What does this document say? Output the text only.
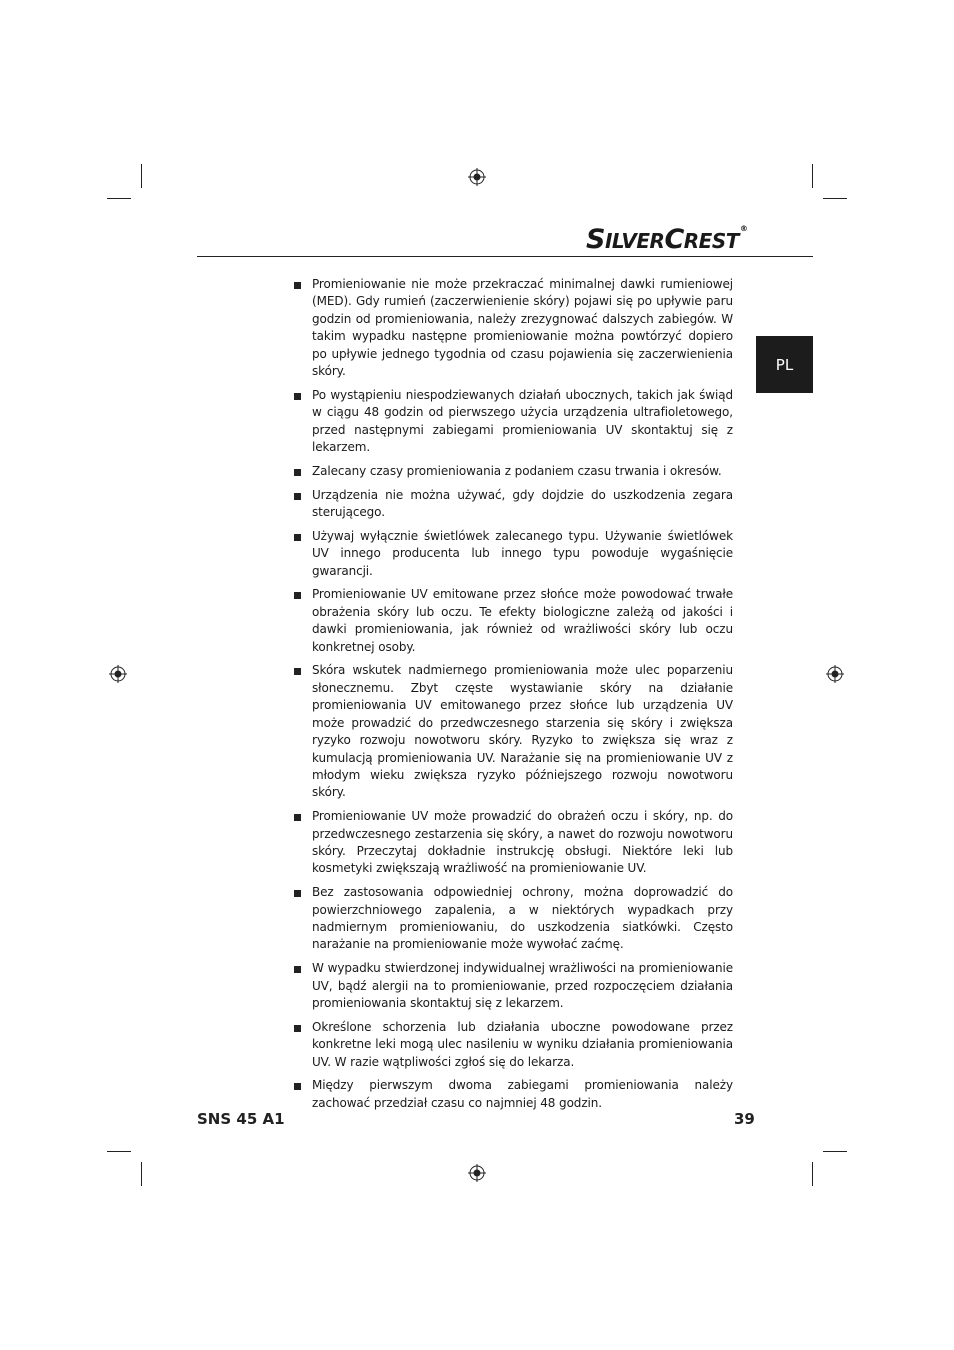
SILVERCREST®
PL

Promieniowanie nie może przekraczać minimalnej dawki rumieniowej (MED). Gdy rumień (zaczerwienienie skóry) pojawi się po upływie paru godzin od promieniowania, należy zrezygnować dalszych zabiegów. W takim wypadku następne promieniowanie można powtórzyć dopiero po upływie jednego tygodnia od czasu pojawienia się zaczerwienienia skóry.

Po wystąpieniu niespodziewanych działań ubocznych, takich jak świąd w ciągu 48 godzin od pierwszego użycia urządzenia ultrafioletowego, przed następnymi zabiegami promieniowania UV skontaktuj się z lekarzem.

Zalecany czasy promieniowania z podaniem czasu trwania i okresów.

Urządzenia nie można używać, gdy dojdzie do uszkodzenia zegara sterującego.

Używaj wyłącznie świetlówek zalecanego typu. Używanie świetlówek UV innego producenta lub innego typu powoduje wygaśnięcie gwarancji.

Promieniowanie UV emitowane przez słońce może powodować trwałe obrażenia skóry lub oczu. Te efekty biologiczne zależą od jakości i dawki promieniowania, jak również od wrażliwości skóry lub oczu konkretnej osoby.

Skóra wskutek nadmiernego promieniowania może ulec poparzeniu słonecznemu. Zbyt częste wystawianie skóry na działanie promieniowania UV emitowanego przez słońce lub urządzenia UV może prowadzić do przedwczesnego starzenia się skóry i zwiększa ryzyko rozwoju nowotworu skóry. Ryzyko to zwiększa się wraz z kumulacją promieniowania UV. Narażanie się na promieniowanie UV z młodym wieku zwiększa ryzyko późniejszego rozwoju nowotworu skóry.

Promieniowanie UV może prowadzić do obrażeń oczu i skóry, np. do przedwczesnego zestarzenia się skóry, a nawet do rozwoju nowotworu skóry. Przeczytaj dokładnie instrukcję obsługi. Niektóre leki lub kosmetyki zwiększają wrażliwość na promieniowanie UV.

Bez zastosowania odpowiedniej ochrony, można doprowadzić do powierzchniowego zapalenia, a w niektórych wypadkach przy nadmiernym promieniowaniu, do uszkodzenia siatkówki. Często narażanie na promieniowanie może wywołać zaćmę.

W wypadku stwierdzonej indywidualnej wrażliwości na promieniowanie UV, bądź alergii na to promieniowanie, przed rozpoczęciem działania promieniowania skontaktuj się z lekarzem.

Określone schorzenia lub działania uboczne powodowane przez konkretne leki mogą ulec nasileniu w wyniku działania promieniowania UV. W razie wątpliwości zgłoś się do lekarza.

Między pierwszym dwoma zabiegami promieniowania należy zachować przedział czasu co najmniej 48 godzin.

SNS 45 A1	39
